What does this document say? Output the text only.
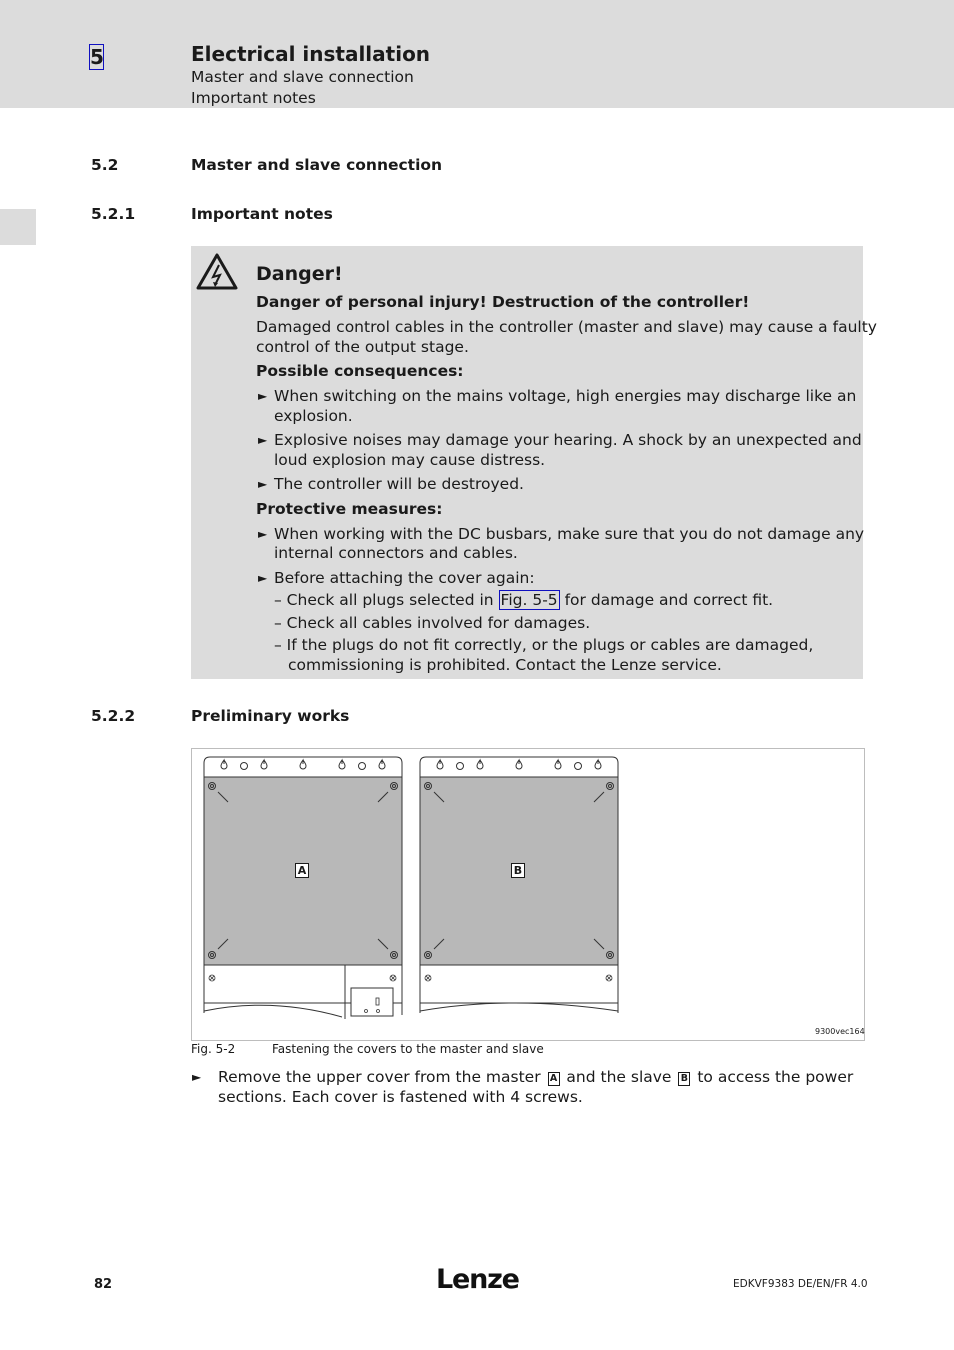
5	Electrical installation
Master and slave connection
Important notes
5.2	Master and slave connection
5.2.1	Important notes
Danger!
Danger of personal injury! Destruction of the controller!
Damaged control cables in the controller (master and slave) may cause a faulty
control of the output stage.
Possible consequences:
► When switching on the mains voltage, high energies may discharge like an
explosion.
► Explosive noises may damage your hearing. A shock by an unexpected and
loud explosion may cause distress.
► The controller will be destroyed.
Protective measures:
► When working with the DC busbars, make sure that you do not damage any
internal connectors and cables.
► Before attaching the cover again:
– Check all plugs selected in Fig. 5-5 for damage and correct fit.
– Check all cables involved for damages.
– If the plugs do not fit correctly, or the plugs or cables are damaged,
commissioning is prohibited. Contact the Lenze service.
5.2.2	Preliminary works
A	B
9300vec164
Fig. 5-2	Fastening the covers to the master and slave
► Remove the upper cover from the master A and the slave B to access the power
sections. Each cover is fastened with 4 screws.
82	Lenze	EDKVF9383 DE/EN/FR 4.0
